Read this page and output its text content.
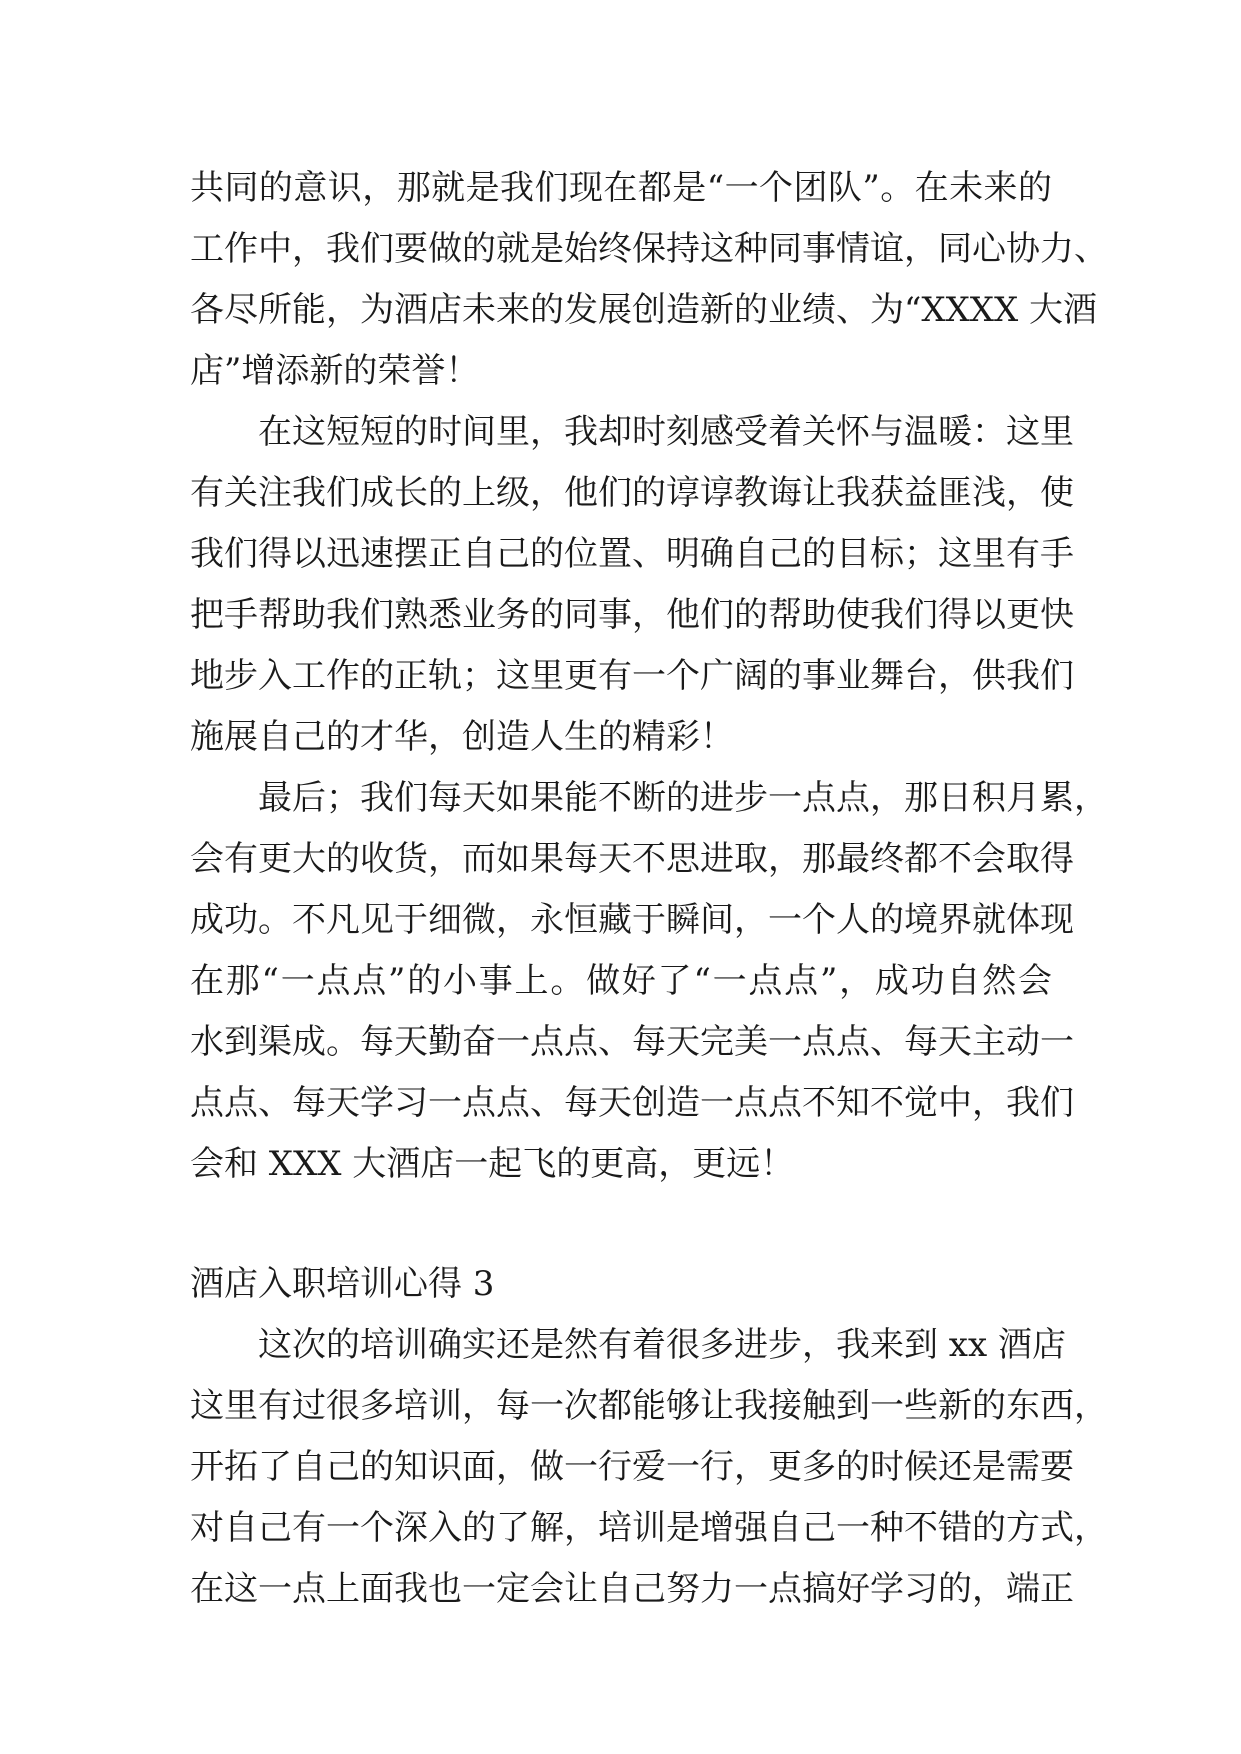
共同的意识，那就是我们现在都是“一个团队”。在未来的
工作中，我们要做的就是始终保持这种同事情谊，同心协力、
各尽所能，为酒店未来的发展创造新的业绩、为“XXXX 大酒
店”增添新的荣誉！
在这短短的时间里，我却时刻感受着关怀与温暖：这里
有关注我们成长的上级，他们的谆谆教诲让我获益匪浅，使
我们得以迅速摆正自己的位置、明确自己的目标；这里有手
把手帮助我们熟悉业务的同事，他们的帮助使我们得以更快
地步入工作的正轨；这里更有一个广阔的事业舞台，供我们
施展自己的才华，创造人生的精彩！
最后；我们每天如果能不断的进步一点点，那日积月累，
会有更大的收货，而如果每天不思进取，那最终都不会取得
成功。不凡见于细微，永恒藏于瞬间，一个人的境界就体现
在那“一点点”的小事上。做好了“一点点”，成功自然会
水到渠成。每天勤奋一点点、每天完美一点点、每天主动一
点点、每天学习一点点、每天创造一点点不知不觉中，我们
会和 XXX 大酒店一起飞的更高，更远！
酒店入职培训心得 3
这次的培训确实还是然有着很多进步，我来到 xx 酒店
这里有过很多培训，每一次都能够让我接触到一些新的东西，
开拓了自己的知识面，做一行爱一行，更多的时候还是需要
对自己有一个深入的了解，培训是增强自己一种不错的方式，
在这一点上面我也一定会让自己努力一点搞好学习的，端正
